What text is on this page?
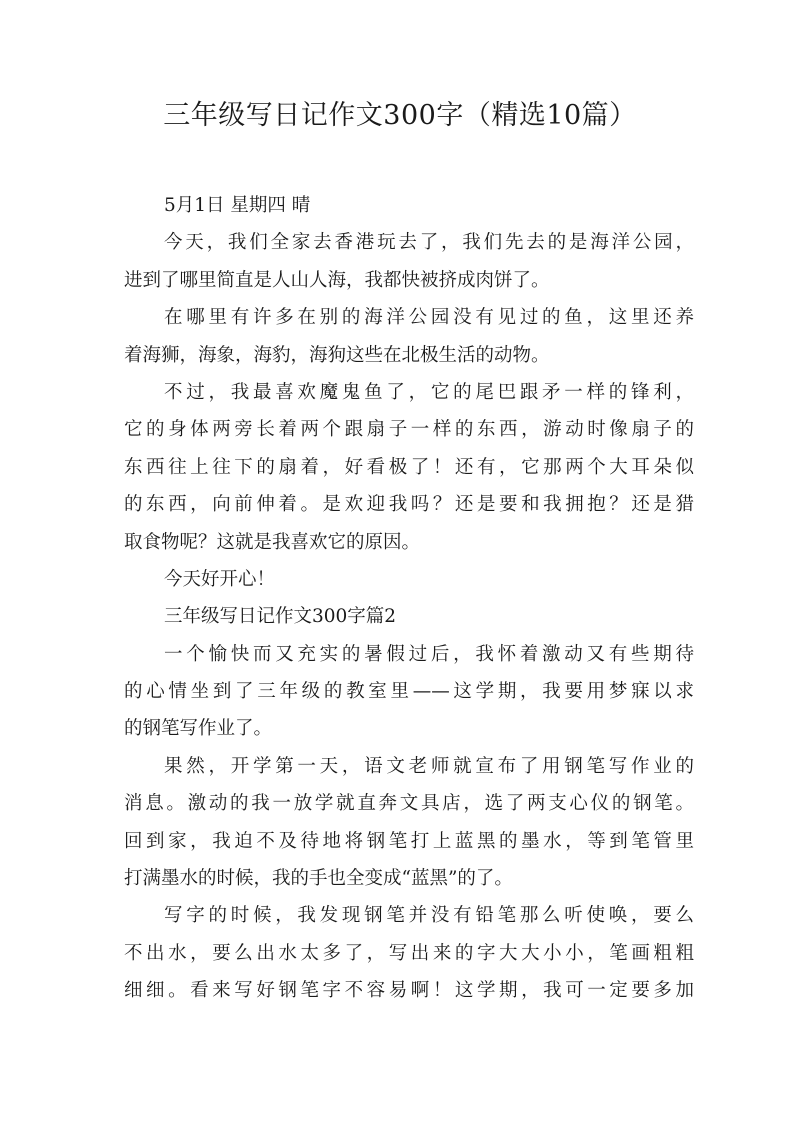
三年级写日记作文300字（精选10篇）
5月1日 星期四 晴
今天，我们全家去香港玩去了，我们先去的是海洋公园，
进到了哪里简直是人山人海，我都快被挤成肉饼了。
在哪里有许多在别的海洋公园没有见过的鱼，这里还养
着海狮，海象，海豹，海狗这些在北极生活的动物。
不过，我最喜欢魔鬼鱼了，它的尾巴跟矛一样的锋利，
它的身体两旁长着两个跟扇子一样的东西，游动时像扇子的
东西往上往下的扇着，好看极了！还有，它那两个大耳朵似
的东西，向前伸着。是欢迎我吗？还是要和我拥抱？还是猎
取食物呢？这就是我喜欢它的原因。
今天好开心！
三年级写日记作文300字篇2
一个愉快而又充实的暑假过后，我怀着激动又有些期待
的心情坐到了三年级的教室里——这学期，我要用梦寐以求
的钢笔写作业了。
果然，开学第一天，语文老师就宣布了用钢笔写作业的
消息。激动的我一放学就直奔文具店，选了两支心仪的钢笔。
回到家，我迫不及待地将钢笔打上蓝黑的墨水，等到笔管里
打满墨水的时候，我的手也全变成“蓝黑”的了。
写字的时候，我发现钢笔并没有铅笔那么听使唤，要么
不出水，要么出水太多了，写出来的字大大小小，笔画粗粗
细细。看来写好钢笔字不容易啊！这学期，我可一定要多加
